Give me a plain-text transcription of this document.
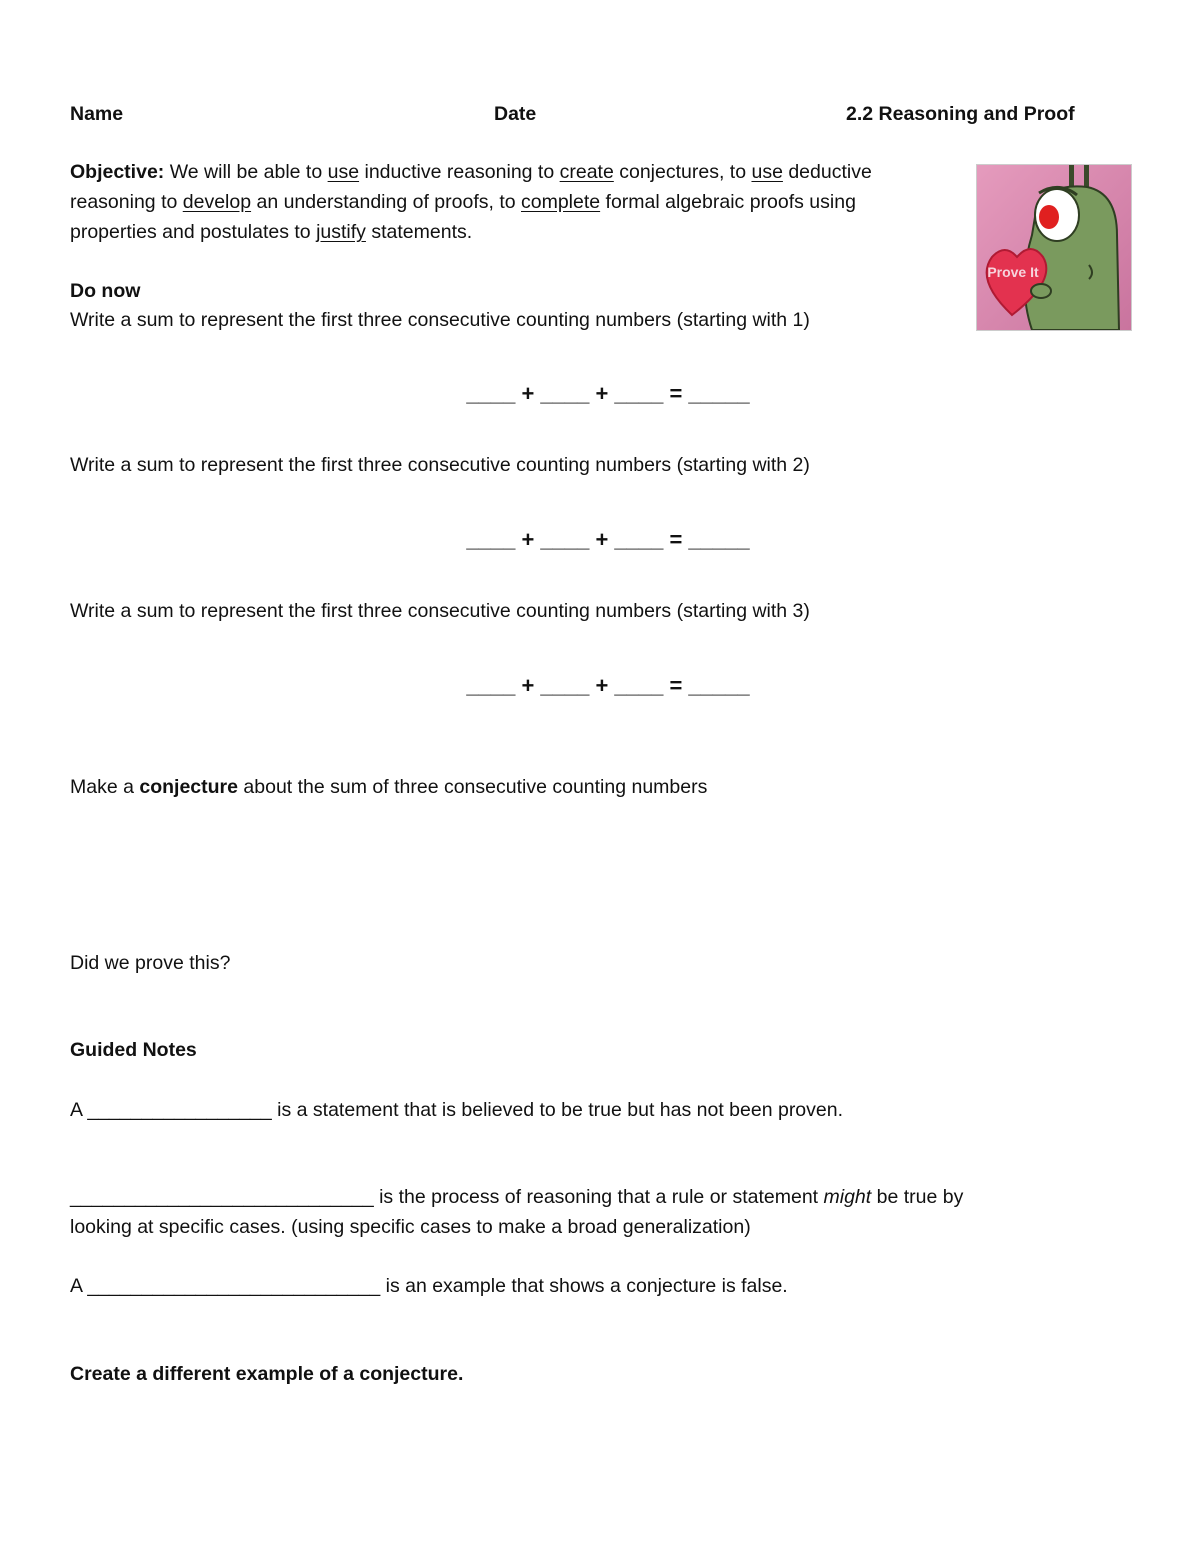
Name	Date	2.2 Reasoning and Proof
Objective: We will be able to use inductive reasoning to create conjectures, to use deductive
reasoning to develop an understanding of proofs, to complete formal algebraic proofs using
properties and postulates to justify statements.
Prove It
Do now
Write a sum to represent the first three consecutive counting numbers (starting with 1)
____ + ____ + ____ = _____
Write a sum to represent the first three consecutive counting numbers (starting with 2)
____ + ____ + ____ = _____
Write a sum to represent the first three consecutive counting numbers (starting with 3)
____ + ____ + ____ = _____
Make a conjecture about the sum of three consecutive counting numbers
Did we prove this?
Guided Notes
A _________________ is a statement that is believed to be true but has not been proven.
____________________________ is the process of reasoning that a rule or statement might be true by
looking at specific cases. (using specific cases to make a broad generalization)
A ___________________________ is an example that shows a conjecture is false.
Create a different example of a conjecture.
